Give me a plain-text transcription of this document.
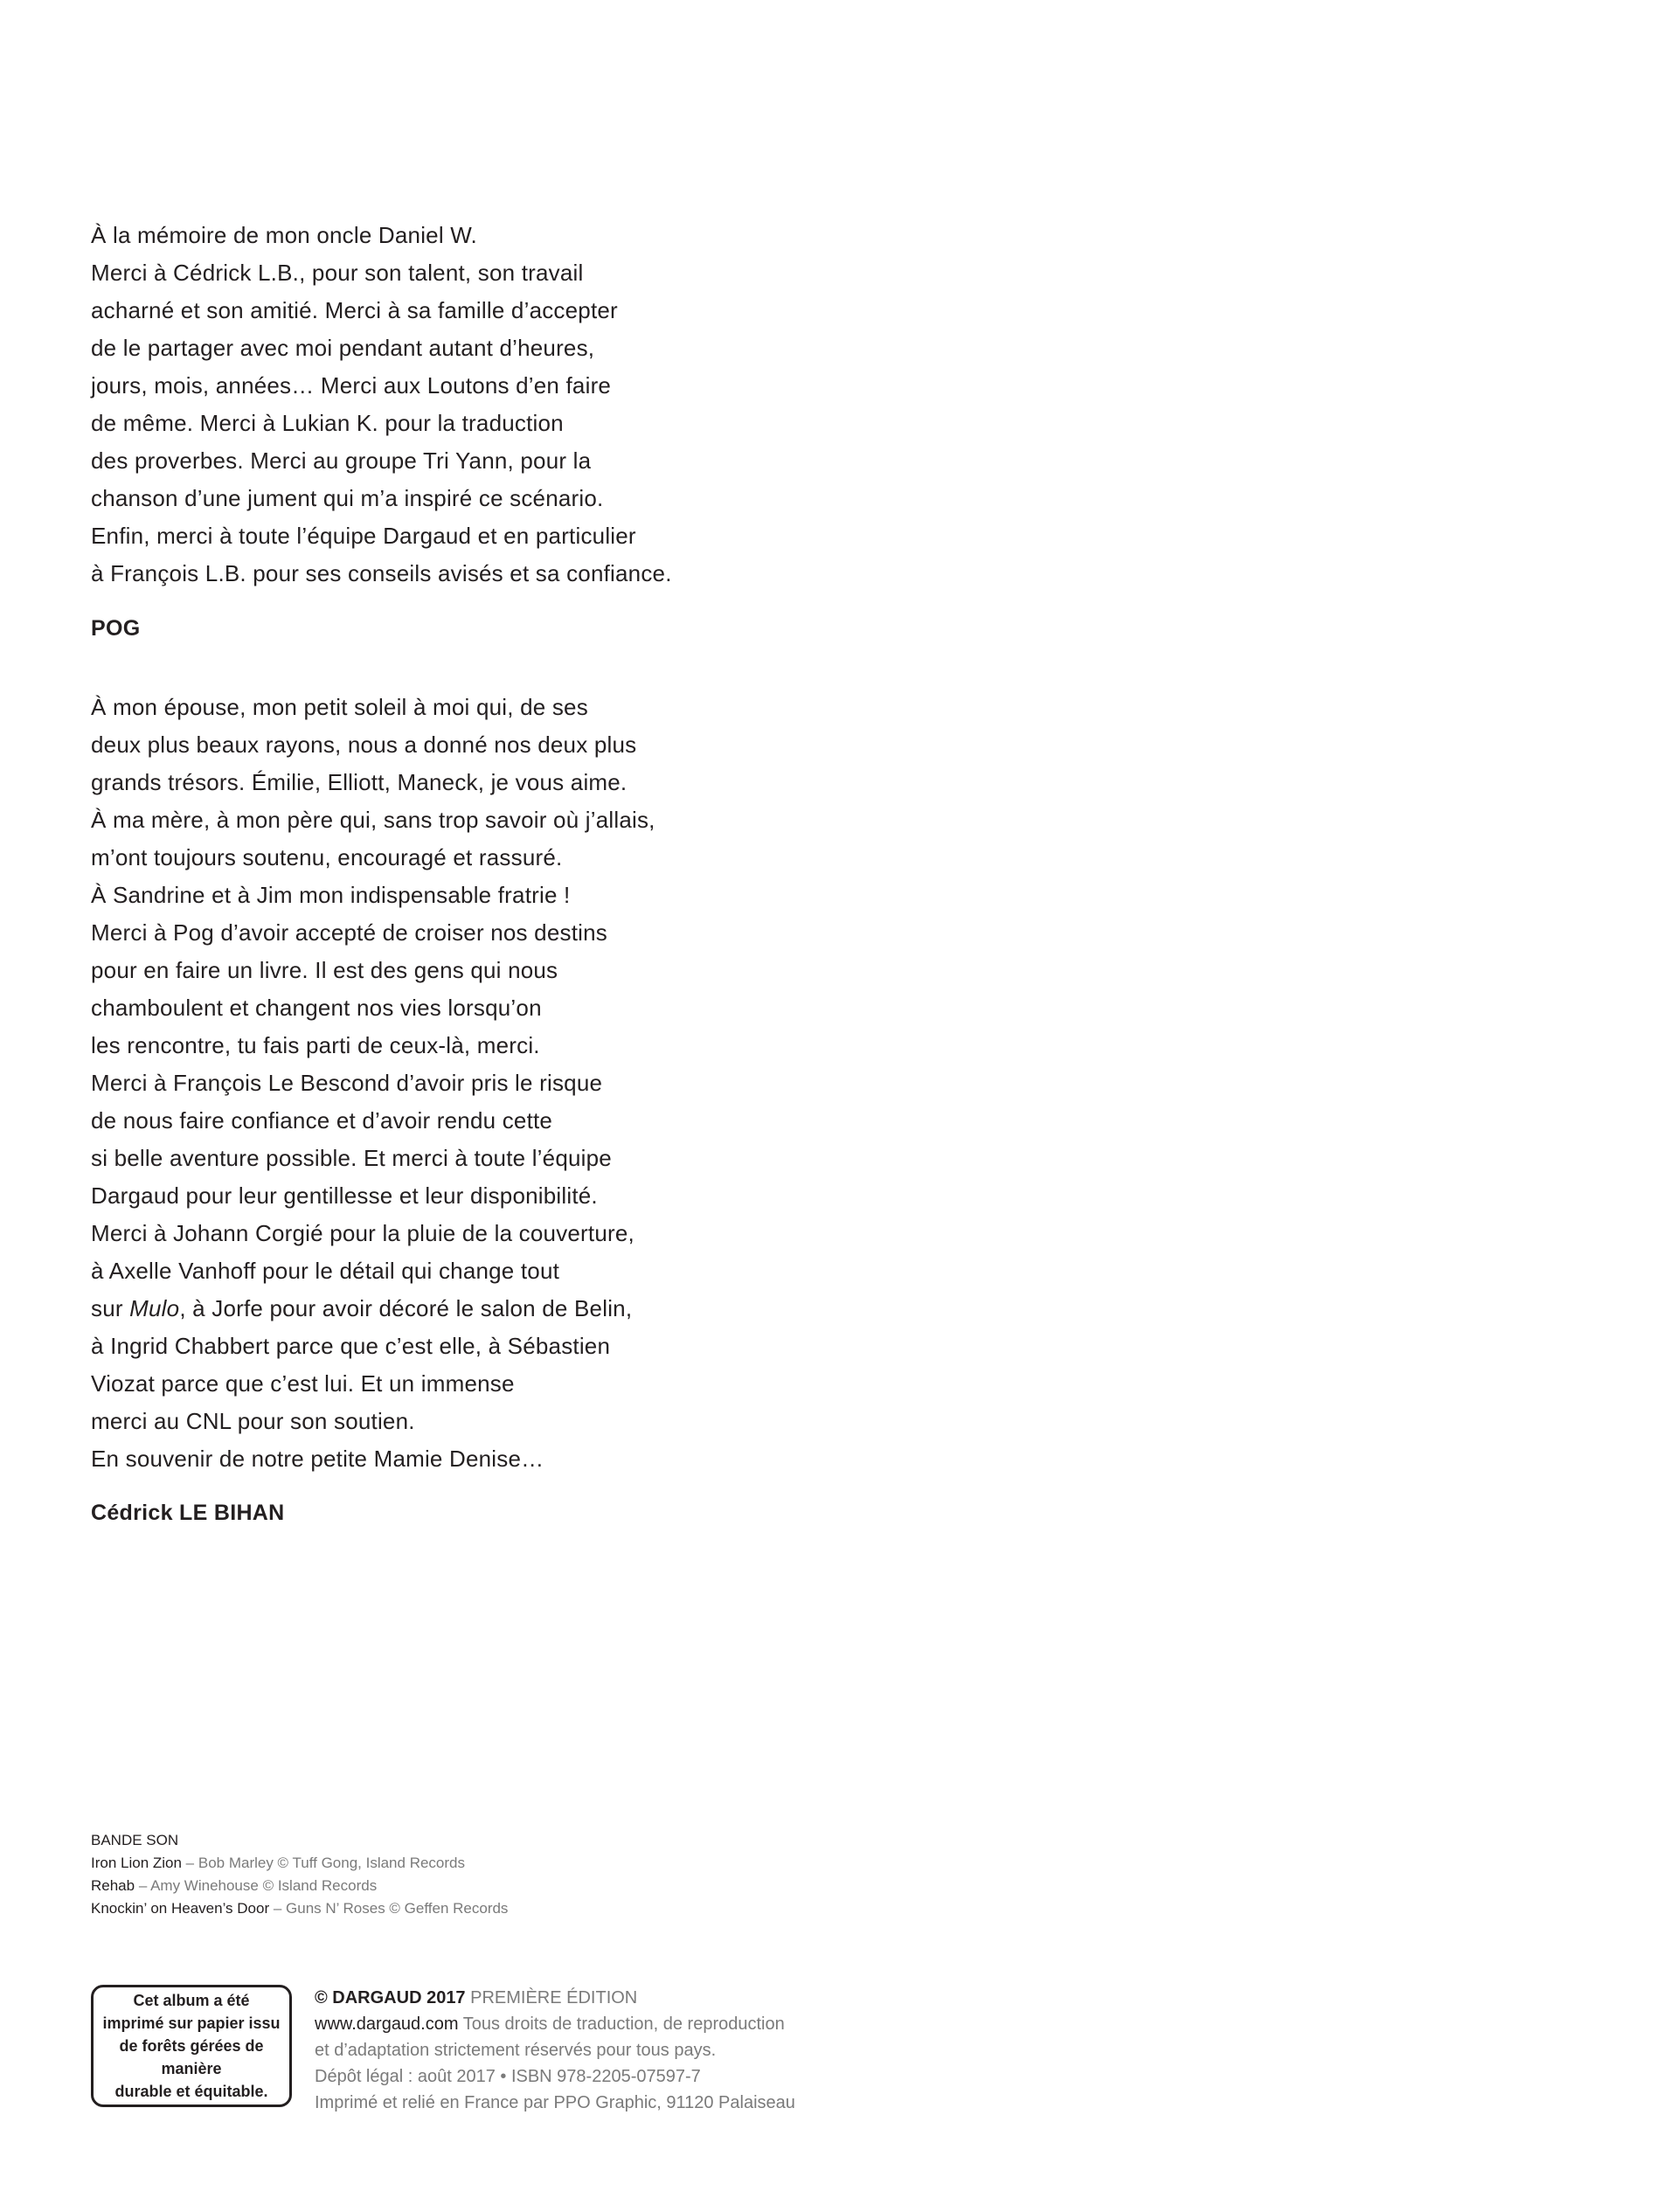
À la mémoire de mon oncle Daniel W.

Merci à Cédrick L.B., pour son talent, son travail

acharné et son amitié. Merci à sa famille d’accepter

de le partager avec moi pendant autant d’heures,

jours, mois, années… Merci aux Loutons d’en faire

de même. Merci à Lukian K. pour la traduction

des proverbes. Merci au groupe Tri Yann, pour la

chanson d’une jument qui m’a inspiré ce scénario.

Enfin, merci à toute l’équipe Dargaud et en particulier

à François L.B. pour ses conseils avisés et sa confiance.

POG

À mon épouse, mon petit soleil à moi qui, de ses

deux plus beaux rayons, nous a donné nos deux plus

grands trésors. Émilie, Elliott, Maneck, je vous aime.

À ma mère, à mon père qui, sans trop savoir où j’allais,

m’ont toujours soutenu, encouragé et rassuré.

À Sandrine et à Jim mon indispensable fratrie !

Merci à Pog d’avoir accepté de croiser nos destins

pour en faire un livre. Il est des gens qui nous

chamboulent et changent nos vies lorsqu’on

les rencontre, tu fais parti de ceux-là, merci.

Merci à François Le Bescond d’avoir pris le risque

de nous faire confiance et d’avoir rendu cette

si belle aventure possible. Et merci à toute l’équipe

Dargaud pour leur gentillesse et leur disponibilité.

Merci à Johann Corgié pour la pluie de la couverture,

à Axelle Vanhoff pour le détail qui change tout

sur Mulo, à Jorfe pour avoir décoré le salon de Belin,

à Ingrid Chabbert parce que c’est elle, à Sébastien

Viozat parce que c’est lui. Et un immense

merci au CNL pour son soutien.

En souvenir de notre petite Mamie Denise…

Cédrick LE BIHAN

BANDE SON

Iron Lion Zion – Bob Marley © Tuff Gong, Island Records

Rehab – Amy Winehouse © Island Records

Knockin’ on Heaven’s Door – Guns N’ Roses © Geffen Records

Cet album a été
imprimé sur papier issu
de forêts gérées de
manière
durable et équitable.

© DARGAUD 2017 PREMIÈRE ÉDITION

www.dargaud.com Tous droits de traduction, de reproduction

et d’adaptation strictement réservés pour tous pays.

Dépôt légal : août 2017 • ISBN 978-2205-07597-7

Imprimé et relié en France par PPO Graphic, 91120 Palaiseau
